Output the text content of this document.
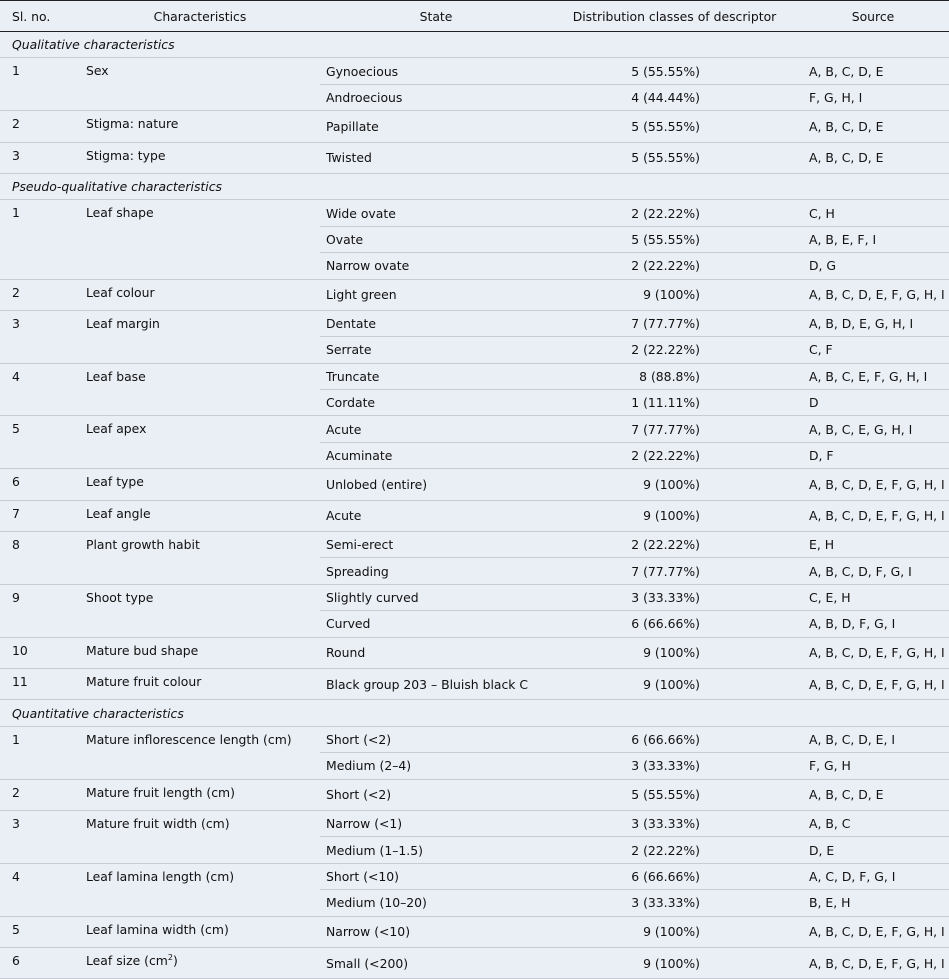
Sl. no.	Characteristics	State	Distribution classes of descriptor	Source
Qualitative characteristics				
1	Sex	Gynoecious	5 (55.55%)	A, B, C, D, E
		Androecious	4 (44.44%)	F, G, H, I
2	Stigma: nature	Papillate	5 (55.55%)	A, B, C, D, E
3	Stigma: type	Twisted	5 (55.55%)	A, B, C, D, E
Pseudo-qualitative characteristics				
1	Leaf shape	Wide ovate	2 (22.22%)	C, H
		Ovate	5 (55.55%)	A, B, E, F, I
		Narrow ovate	2 (22.22%)	D, G
2	Leaf colour	Light green	9 (100%)	A, B, C, D, E, F, G, H, I
3	Leaf margin	Dentate	7 (77.77%)	A, B, D, E, G, H, I
		Serrate	2 (22.22%)	C, F
4	Leaf base	Truncate	8 (88.8%)	A, B, C, E, F, G, H, I
		Cordate	1 (11.11%)	D
5	Leaf apex	Acute	7 (77.77%)	A, B, C, E, G, H, I
		Acuminate	2 (22.22%)	D, F
6	Leaf type	Unlobed (entire)	9 (100%)	A, B, C, D, E, F, G, H, I
7	Leaf angle	Acute	9 (100%)	A, B, C, D, E, F, G, H, I
8	Plant growth habit	Semi-erect	2 (22.22%)	E, H
		Spreading	7 (77.77%)	A, B, C, D, F, G, I
9	Shoot type	Slightly curved	3 (33.33%)	C, E, H
		Curved	6 (66.66%)	A, B, D, F, G, I
10	Mature bud shape	Round	9 (100%)	A, B, C, D, E, F, G, H, I
11	Mature fruit colour	Black group 203 – Bluish black C	9 (100%)	A, B, C, D, E, F, G, H, I
Quantitative characteristics				
1	Mature inflorescence length (cm)	Short (<2)	6 (66.66%)	A, B, C, D, E, I
		Medium (2–4)	3 (33.33%)	F, G, H
2	Mature fruit length (cm)	Short (<2)	5 (55.55%)	A, B, C, D, E
3	Mature fruit width (cm)	Narrow (<1)	3 (33.33%)	A, B, C
		Medium (1–1.5)	2 (22.22%)	D, E
4	Leaf lamina length (cm)	Short (<10)	6 (66.66%)	A, C, D, F, G, I
		Medium (10–20)	3 (33.33%)	B, E, H
5	Leaf lamina width (cm)	Narrow (<10)	9 (100%)	A, B, C, D, E, F, G, H, I
6	Leaf size $(cm^2)$	Small (<200)	9 (100%)	A, B, C, D, E, F, G, H, I
